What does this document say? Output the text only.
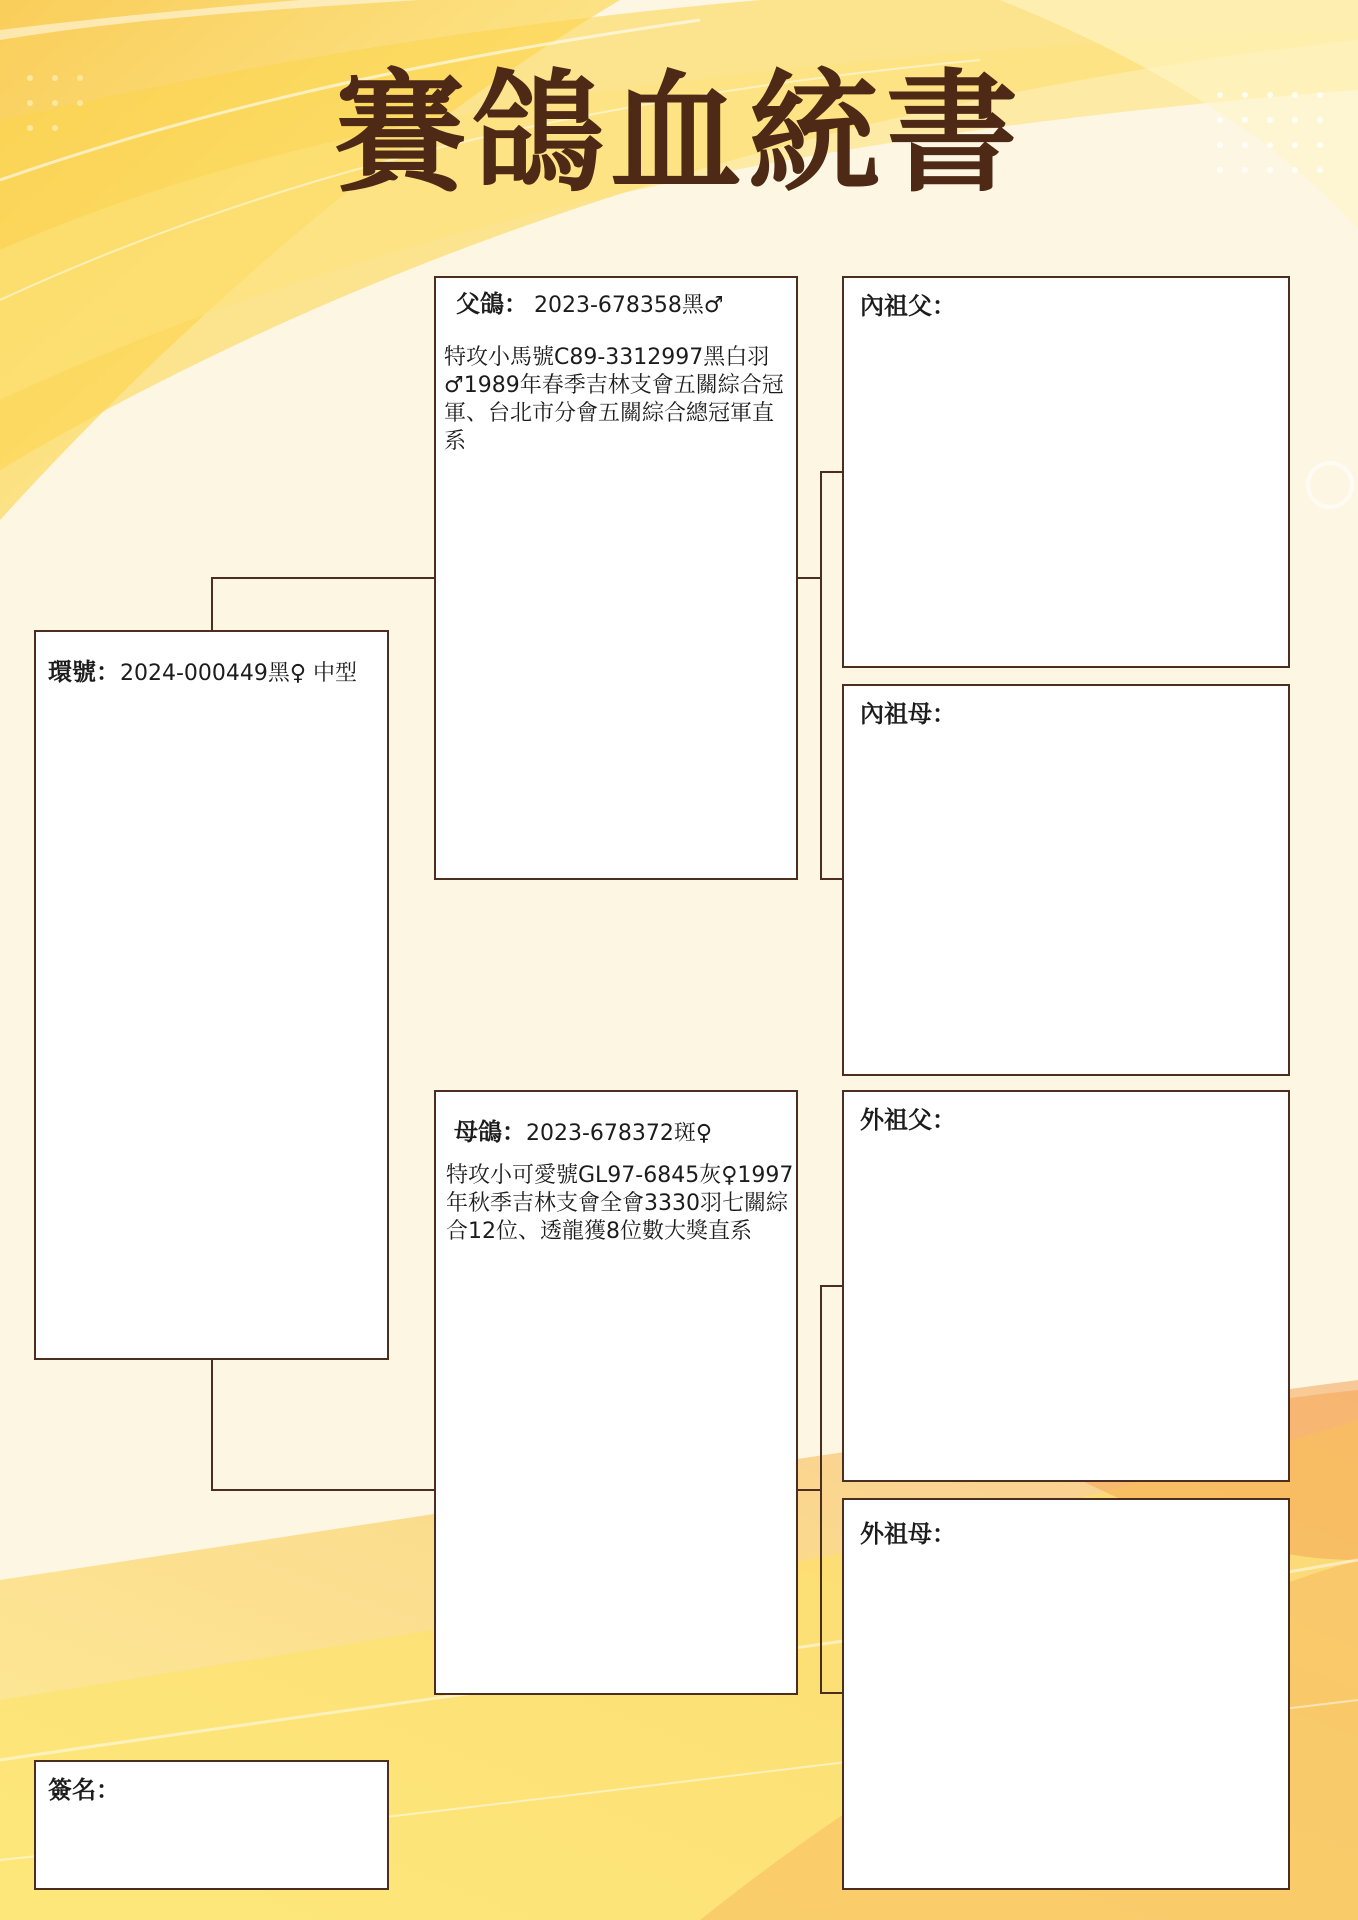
賽鴿血統書
環號：2024-000449黑♀ 中型
父鴿： 2023-678358黑♂
特攻小馬號C89-3312997黑白羽♂1989年春季吉林支會五關綜合冠軍、台北市分會五關綜合總冠軍直系
母鴿：2023-678372斑♀
特攻小可愛號GL97-6845灰♀1997年秋季吉林支會全會3330羽七關綜合12位、透龍獲8位數大獎直系
內祖父：
內祖母：
外祖父：
外祖母：
簽名：
